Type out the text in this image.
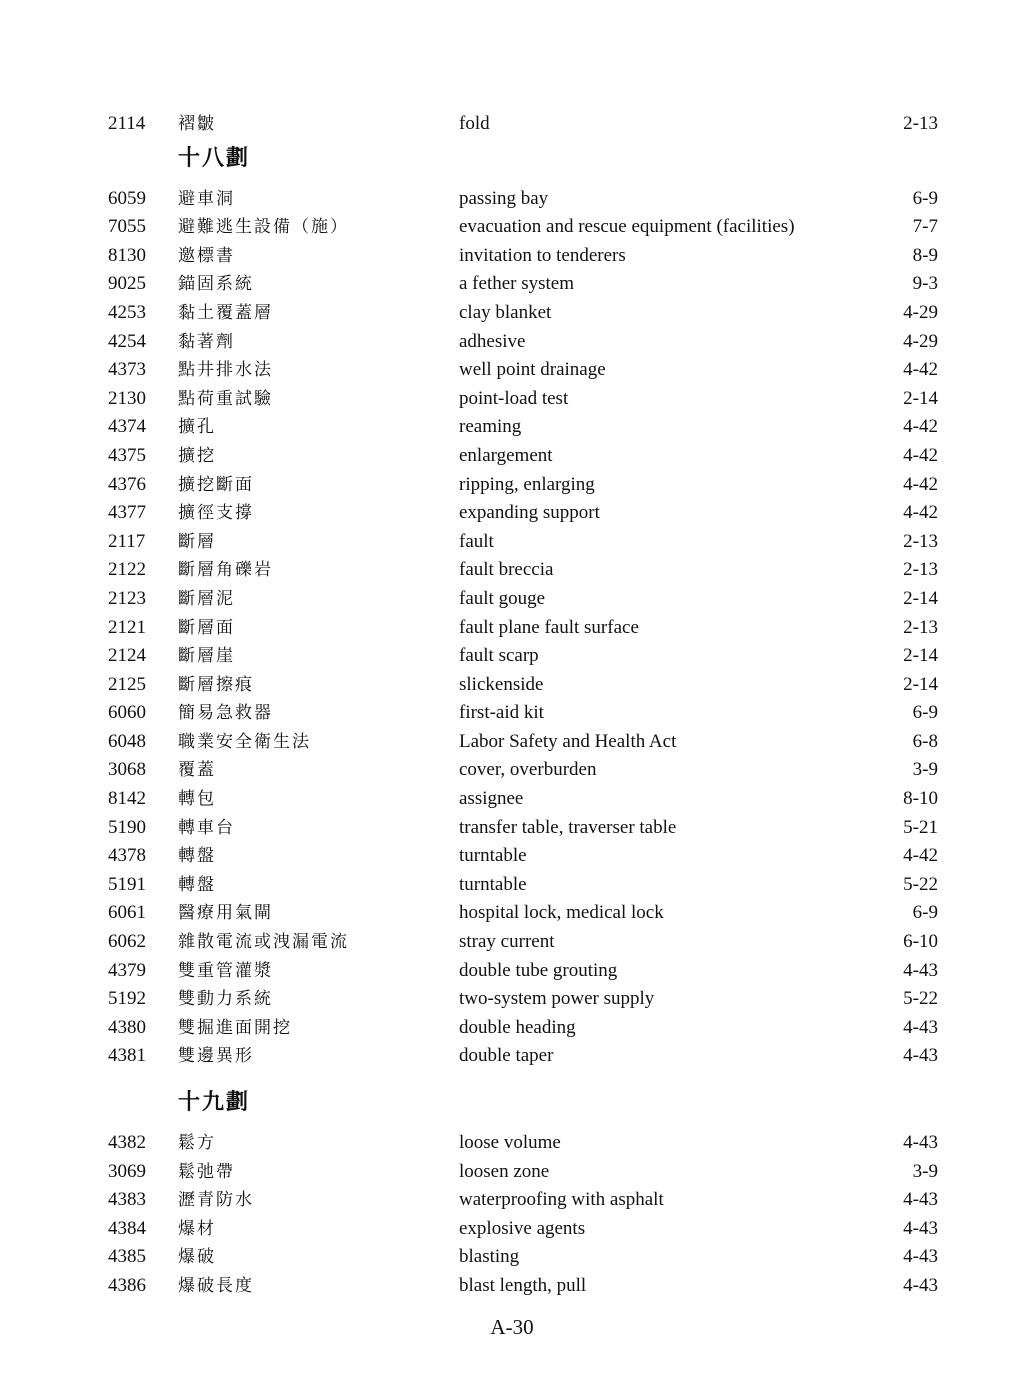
2114 褶皺	fold	2-13
十八劃
6059 避車洞	passing bay	6-9
7055 避難逃生設備（施）	evacuation and rescue equipment (facilities)	7-7
8130 邀標書	invitation to tenderers	8-9
9025 錨固系統	a fether system	9-3
4253 黏土覆蓋層	clay blanket	4-29
4254 黏著劑	adhesive	4-29
4373 點井排水法	well point drainage	4-42
2130 點荷重試驗	point-load test	2-14
4374 擴孔	reaming	4-42
4375 擴挖	enlargement	4-42
4376 擴挖斷面	ripping, enlarging	4-42
4377 擴徑支撐	expanding support	4-42
2117 斷層	fault	2-13
2122 斷層角礫岩	fault breccia	2-13
2123 斷層泥	fault gouge	2-14
2121 斷層面	fault plane fault surface	2-13
2124 斷層崖	fault scarp	2-14
2125 斷層擦痕	slickenside	2-14
6060 簡易急救器	first-aid kit	6-9
6048 職業安全衛生法	Labor Safety and Health Act	6-8
3068 覆蓋	cover, overburden	3-9
8142 轉包	assignee	8-10
5190 轉車台	transfer table, traverser table	5-21
4378 轉盤	turntable	4-42
5191 轉盤	turntable	5-22
6061 醫療用氣閘	hospital lock, medical lock	6-9
6062 雜散電流或洩漏電流	stray current	6-10
4379 雙重管灌漿	double tube grouting	4-43
5192 雙動力系統	two-system power supply	5-22
4380 雙掘進面開挖	double heading	4-43
4381 雙邊異形	double taper	4-43
十九劃
4382 鬆方	loose volume	4-43
3069 鬆弛帶	loosen zone	3-9
4383 瀝青防水	waterproofing with asphalt	4-43
4384 爆材	explosive agents	4-43
4385 爆破	blasting	4-43
4386 爆破長度	blast length, pull	4-43
A-30
